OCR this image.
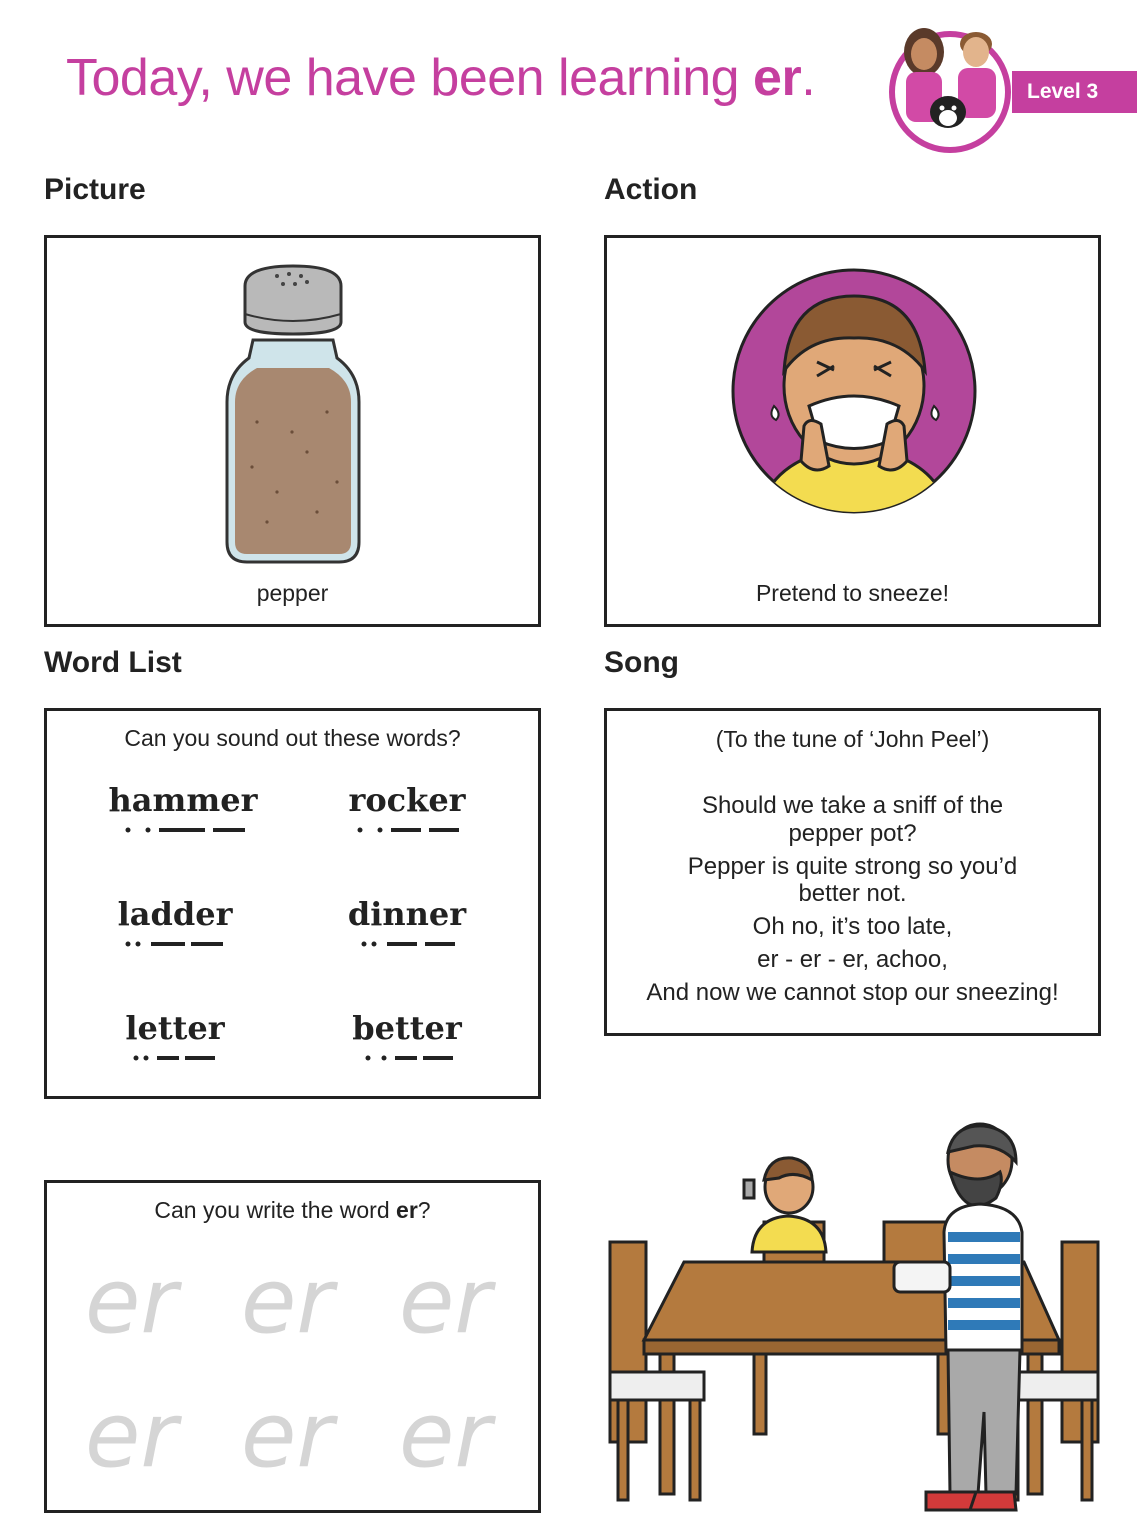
Today, we have been learning er.	Level 3
Picture	Action
Word List	Song
pepper	Pretend to sneeze!
Can you sound out these words?
hammer	rocker
ladder	dinner
letter	better
(To the tune of ‘John Peel’)
Should we take a sniff of the
pepper pot?
Pepper is quite strong so you’d
better not.
Oh no, it’s too late,
er - er - er, achoo,
And now we cannot stop our sneezing!
Can you write the word er?
er er er
er er er
